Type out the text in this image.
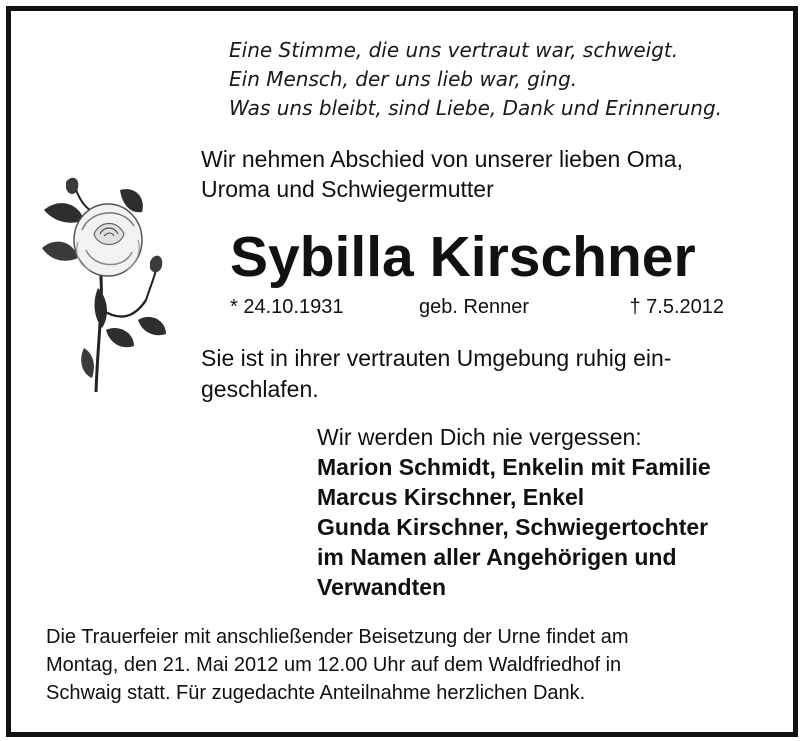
Eine Stimme, die uns vertraut war, schweigt.
Ein Mensch, der uns lieb war, ging.
Was uns bleibt, sind Liebe, Dank und Erinnerung.
Wir nehmen Abschied von unserer lieben Oma,
Uroma und Schwiegermutter
Sybilla Kirschner
* 24.10.1931	geb. Renner	† 7.5.2012
Sie ist in ihrer vertrauten Umgebung ruhig ein-
geschlafen.
Wir werden Dich nie vergessen:
Marion Schmidt, Enkelin mit Familie
Marcus Kirschner, Enkel
Gunda Kirschner, Schwiegertochter
im Namen aller Angehörigen und
Verwandten
Die Trauerfeier mit anschließender Beisetzung der Urne findet am
Montag, den 21. Mai 2012 um 12.00 Uhr auf dem Waldfriedhof in
Schwaig statt. Für zugedachte Anteilnahme herzlichen Dank.
